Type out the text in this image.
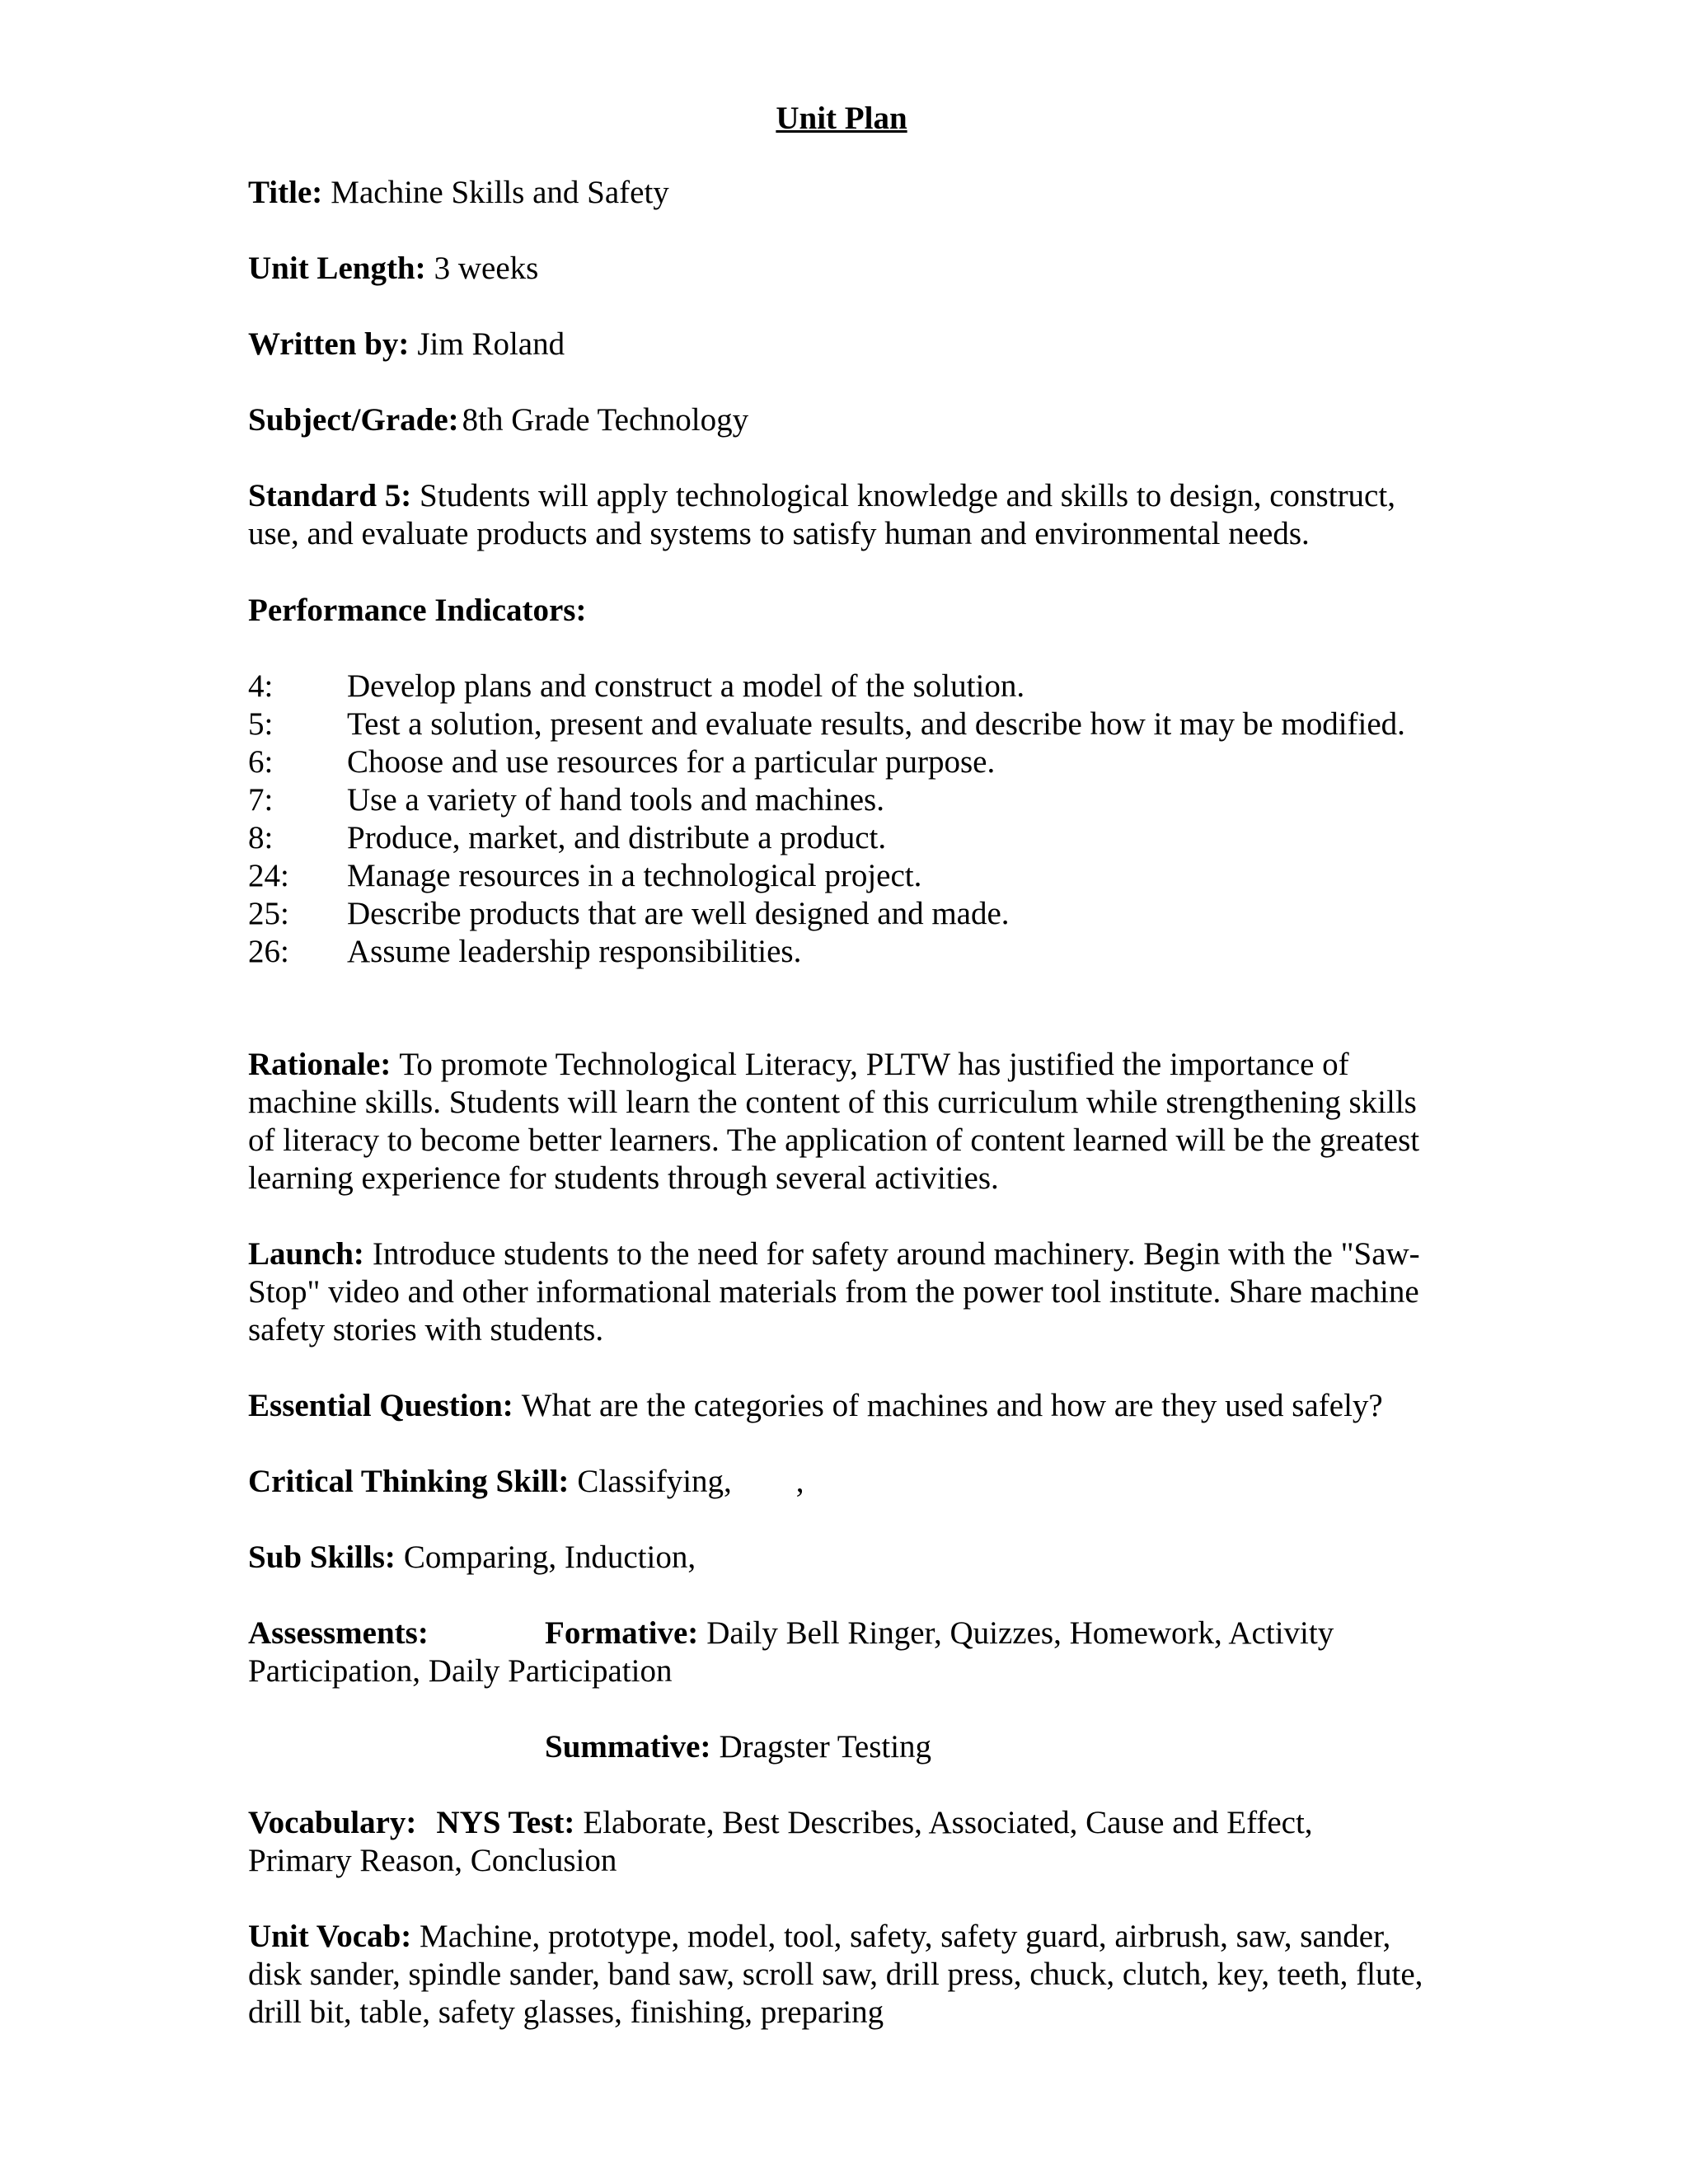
Unit Plan

Title: Machine Skills and Safety

Unit Length: 3 weeks

Written by: Jim Roland

Subject/Grade: 8th Grade Technology

Standard 5: Students will apply technological knowledge and skills to design, construct, use, and evaluate products and systems to satisfy human and environmental needs.

Performance Indicators:

4: Develop plans and construct a model of the solution.
5: Test a solution, present and evaluate results, and describe how it may be modified.
6: Choose and use resources for a particular purpose.
7: Use a variety of hand tools and machines.
8: Produce, market, and distribute a product.
24: Manage resources in a technological project.
25: Describe products that are well designed and made.
26: Assume leadership responsibilities.

Rationale: To promote Technological Literacy, PLTW has justified the importance of machine skills. Students will learn the content of this curriculum while strengthening skills of literacy to become better learners. The application of content learned will be the greatest learning experience for students through several activities.

Launch: Introduce students to the need for safety around machinery. Begin with the "Saw-Stop" video and other informational materials from the power tool institute. Share machine safety stories with students.

Essential Question: What are the categories of machines and how are they used safely?

Critical Thinking Skill: Classifying,        ,

Sub Skills: Comparing, Induction,

Assessments:	Formative: Daily Bell Ringer, Quizzes, Homework, Activity Participation, Daily Participation

Summative: Dragster Testing

Vocabulary: NYS Test: Elaborate, Best Describes, Associated, Cause and Effect, Primary Reason, Conclusion

Unit Vocab: Machine, prototype, model, tool, safety, safety guard, airbrush, saw, sander, disk sander, spindle sander, band saw, scroll saw, drill press, chuck, clutch, key, teeth, flute, drill bit, table, safety glasses, finishing, preparing
